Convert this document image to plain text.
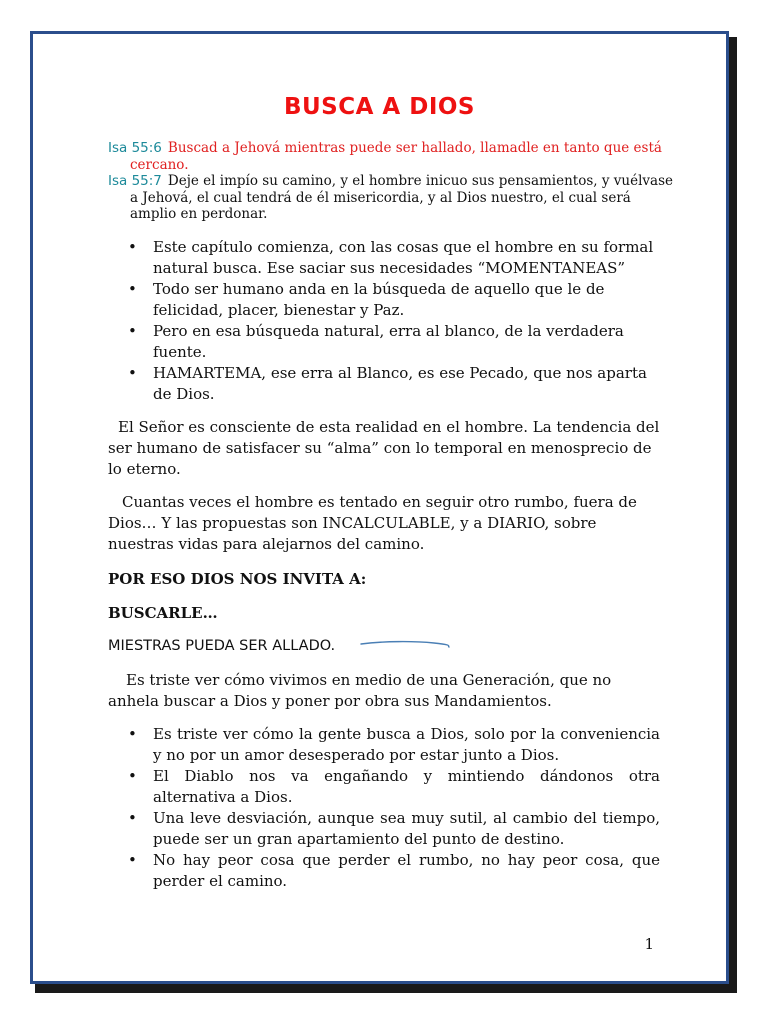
BUSCA A DIOS
Isa 55:6 Buscad a Jehová mientras puede ser hallado, llamadle en tanto que está cercano.
Isa 55:7 Deje el impío su camino, y el hombre inicuo sus pensamientos, y vuélvase a Jehová, el cual tendrá de él misericordia, y al Dios nuestro, el cual será amplio en perdonar.
• Este capítulo comienza, con las cosas que el hombre en su formal natural busca. Ese saciar sus necesidades “MOMENTANEAS”
• Todo ser humano anda en la búsqueda de aquello que le de felicidad, placer, bienestar y Paz.
• Pero en esa búsqueda natural, erra al blanco, de la verdadera fuente.
• HAMARTEMA, ese erra al Blanco, es ese Pecado, que nos aparta de Dios.

El Señor es consciente de esta realidad en el hombre. La tendencia del ser humano de satisfacer su “alma” con lo temporal en menosprecio de lo eterno.

Cuantas veces el hombre es tentado en seguir otro rumbo, fuera de Dios… Y las propuestas son INCALCULABLE, y a DIARIO, sobre nuestras vidas para alejarnos del camino.

POR ESO DIOS NOS INVITA A:

BUSCARLE…

MIESTRAS PUEDA SER ALLADO.

Es triste ver cómo vivimos en medio de una Generación, que no anhela buscar a Dios y poner por obra sus Mandamientos.

• Es triste ver cómo la gente busca a Dios, solo por la conveniencia y no por un amor desesperado por estar junto a Dios.
• El Diablo nos va engañando y mintiendo dándonos otra alternativa a Dios.
• Una leve desviación, aunque sea muy sutil, al cambio del tiempo, puede ser un gran apartamiento del punto de destino.
• No hay peor cosa que perder el rumbo, no hay peor cosa, que perder el camino.
1
